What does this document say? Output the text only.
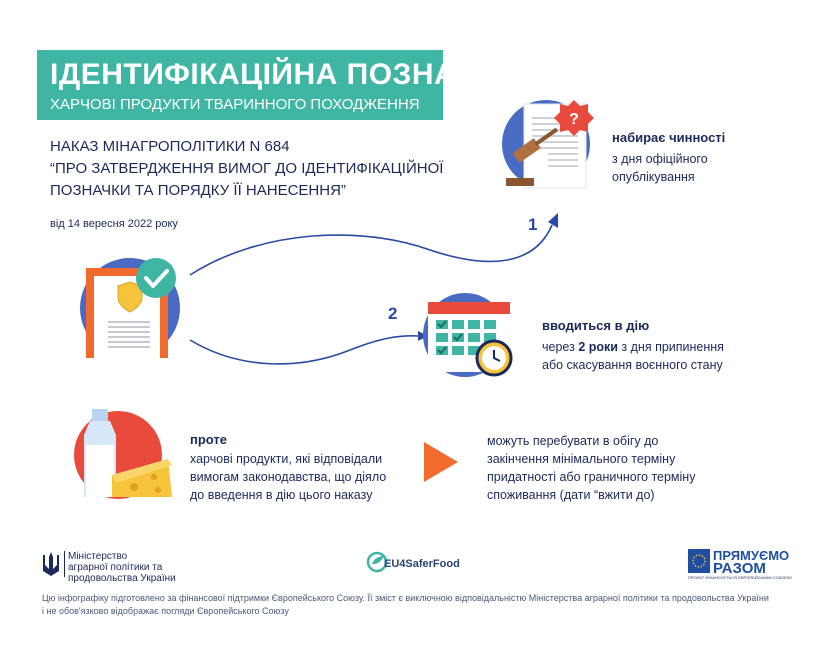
ІДЕНТИФІКАЦІЙНА ПОЗНАЧКА
ХАРЧОВІ ПРОДУКТИ ТВАРИННОГО ПОХОДЖЕННЯ
НАКАЗ МІНАГРОПОЛІТИКИ N 684
“ПРО ЗАТВЕРДЖЕННЯ ВИМОГ ДО ІДЕНТИФІКАЦІЙНОЇ
ПОЗНАЧКИ ТА ПОРЯДКУ ЇЇ НАНЕСЕННЯ”
від 14 вересня 2022 року	1
2
?
набирає чинності
з дня офіційного
опублікування
вводиться в дію
через 2 роки з дня припинення
або скасування воєнного стану
проте
харчові продукти, які відповідали
вимогам законодавства, що діяло
до введення в дію цього наказу
можуть перебувати в обігу до
закінчення мінімального терміну
придатності або граничного терміну
споживання (дати “вжити до)
Міністерство
аграрної політики та
продовольства України
EU4SaferFood
ПРЯМУЄМО
РАЗОМ
ПРОЄКТ ФІНАНСУЄТЬСЯ ЄВРОПЕЙСЬКИМ СОЮЗОМ
Цю інфографіку підготовлено за фінансової підтримки Європейського Союзу. Її зміст є виключною відповідальністю Міністерства аграрної політики та продовольства України
і не обов'язково відображає погляди Європейського Союзу
